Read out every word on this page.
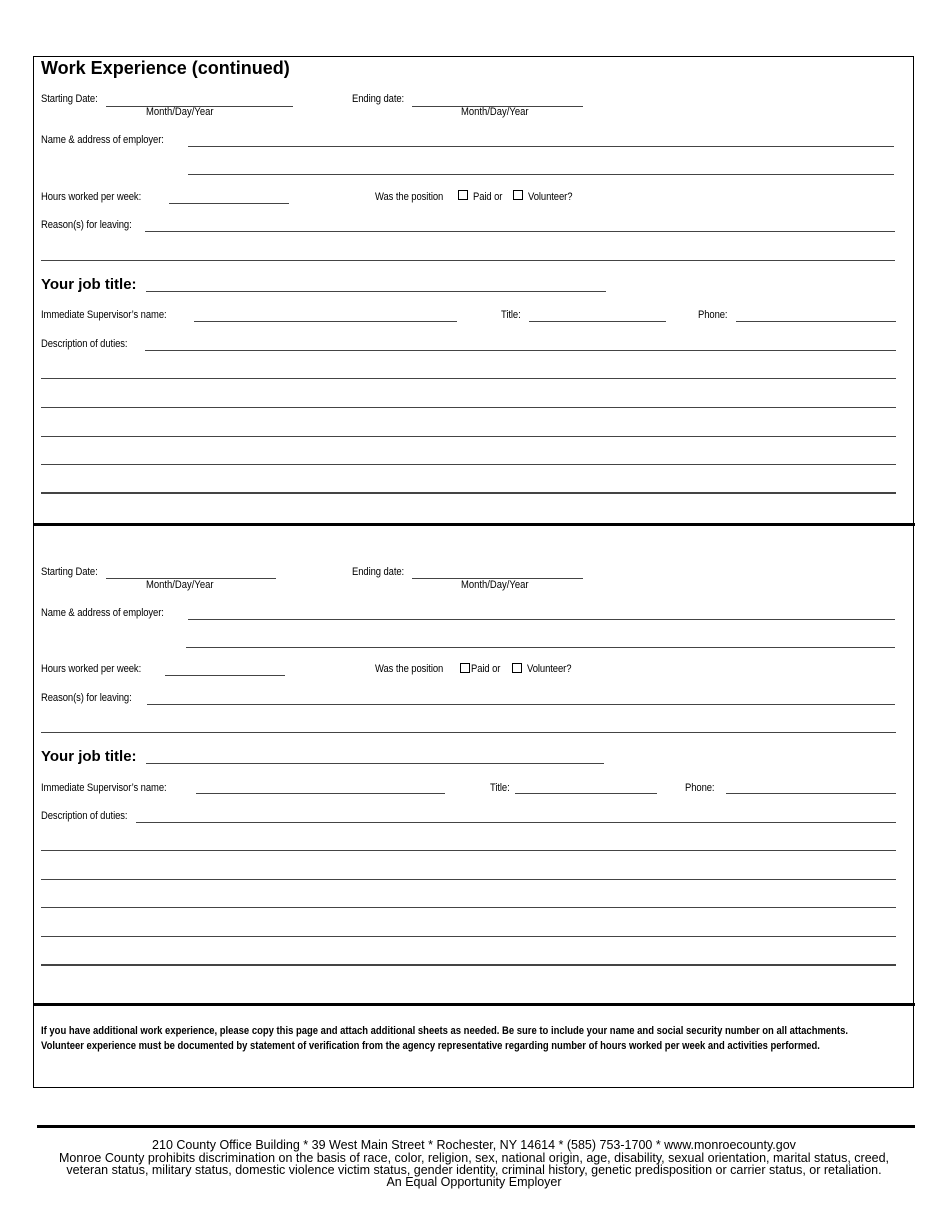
Work Experience (continued)
Starting Date:
Month/Day/Year
Ending date:
Month/Day/Year
Name & address of employer:
Hours worked per week:	Was the position	Paid or Volunteer?
Reason(s) for leaving:
Your job title:
Immediate Supervisor’s name:	Title:	Phone:
Description of duties:
Starting Date:
Month/Day/Year
Ending date:
Month/Day/Year
Name & address of employer:
Hours worked per week:	Was the position	Paid or Volunteer?
Reason(s) for leaving:
Your job title:
Immediate Supervisor’s name:	Title:	Phone:
Description of duties:
If you have additional work experience, please copy this page and attach additional sheets as needed. Be sure to include your name and social security number on all attachments.
Volunteer experience must be documented by statement of verification from the agency representative regarding number of hours worked per week and activities performed.
210 County Office Building * 39 West Main Street * Rochester, NY 14614 * (585) 753-1700 * www.monroecounty.gov
Monroe County prohibits discrimination on the basis of race, color, religion, sex, national origin, age, disability, sexual orientation, marital status, creed,
veteran status, military status, domestic violence victim status, gender identity, criminal history, genetic predisposition or carrier status, or retaliation.
An Equal Opportunity Employer
